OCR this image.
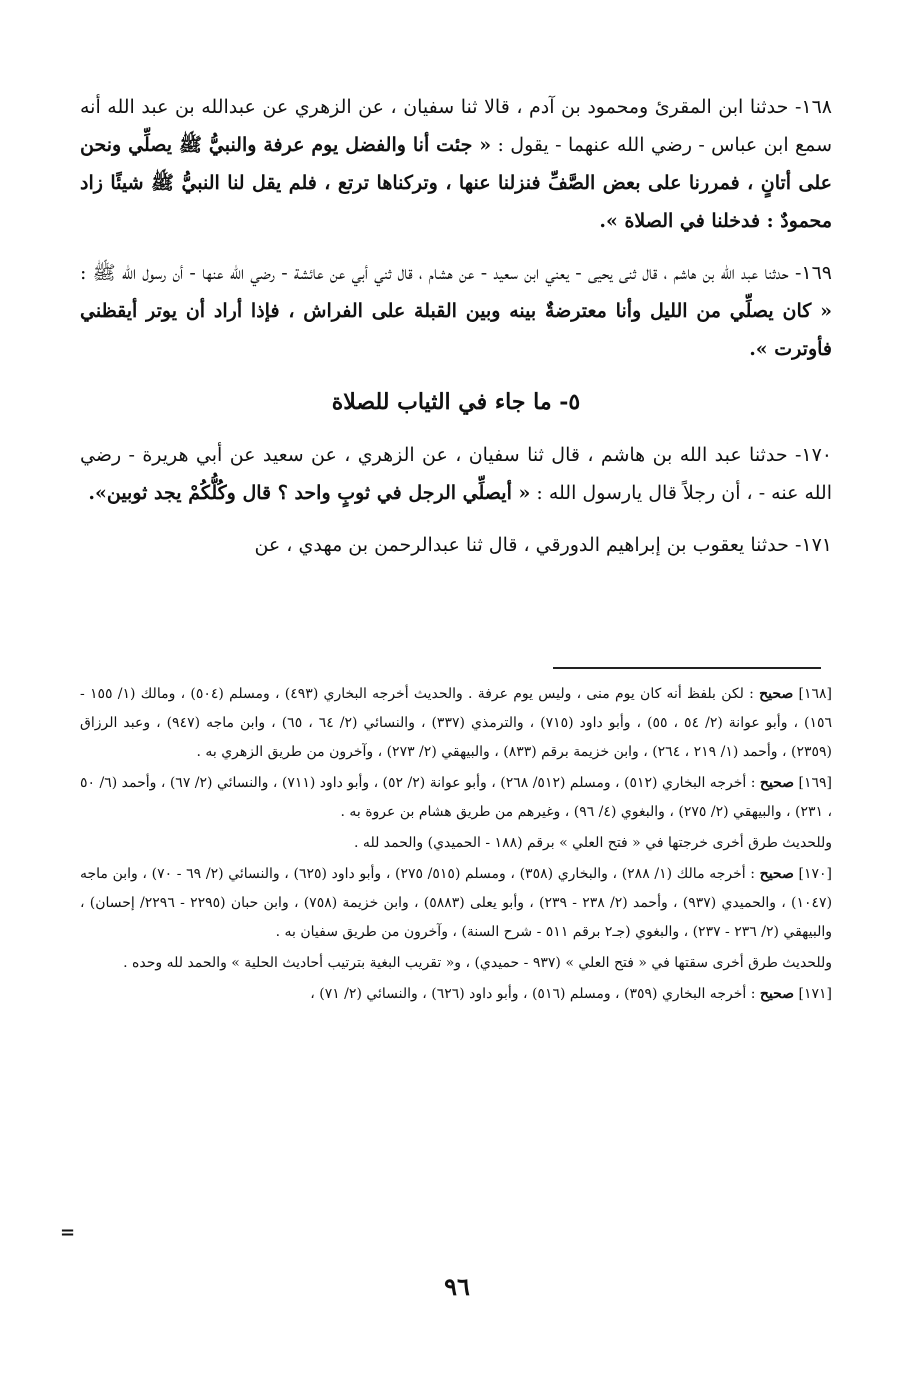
١٦٨- حدثنا ابن المقرئ ومحمود بن آدم ، قالا ثنا سفيان ، عن الزهري عن عبدالله بن عبد الله أنه سمع ابن عباس - رضي الله عنهما - يقول : « جئت أنا والفضل يوم عرفة والنبيُّ ﷺ يصلِّي ونحن على أتانٍ ، فمررنا على بعض الصَّفِّ فنزلنا عنها ، وتركناها ترتع ، فلم يقل لنا النبيُّ ﷺ شيئًا زاد محمودٌ : فدخلنا في الصلاة ».

١٦٩- حدثنا عبد الله بن هاشم ، قال ثنى يحيى - يعني ابن سعيد - عن هشام ، قال ثني أبي عن عائشة - رضي الله عنها - أن رسول الله ﷺ : « كان يصلِّي من الليل وأنا معترضةٌ بينه وبين القبلة على الفراش ، فإذا أراد أن يوتر أيقظني فأوترت ».

٥- ما جاء في الثياب للصلاة

١٧٠- حدثنا عبد الله بن هاشم ، قال ثنا سفيان ، عن الزهري ، عن سعيد عن أبي هريرة - رضي الله عنه - ، أن رجلاً قال يارسول الله : « أيصلِّي الرجل في ثوبٍ واحد ؟ قال وكُلُّكُمْ يجد ثوبين».

١٧١- حدثنا يعقوب بن إبراهيم الدورقي ، قال ثنا عبدالرحمن بن مهدي ، عن

[١٦٨] صحيح : لكن بلفظ أنه كان يوم منى ، وليس يوم عرفة . والحديث أخرجه البخاري (٤٩٣) ، ومسلم (٥٠٤) ، ومالك (١/ ١٥٥ - ١٥٦) ، وأبو عوانة (٢/ ٥٤ ، ٥٥) ، وأبو داود (٧١٥) ، والترمذي (٣٣٧) ، والنسائي (٢/ ٦٤ ، ٦٥) ، وابن ماجه (٩٤٧) ، وعبد الرزاق (٢٣٥٩) ، وأحمد (١/ ٢١٩ ، ٢٦٤) ، وابن خزيمة برقم (٨٣٣) ، والبيهقي (٢/ ٢٧٣) ، وآخرون من طريق الزهري به .

[١٦٩] صحيح : أخرجه البخاري (٥١٢) ، ومسلم (٥١٢/ ٢٦٨) ، وأبو عوانة (٢/ ٥٢) ، وأبو داود (٧١١) ، والنسائي (٢/ ٦٧) ، وأحمد (٦/ ٥٠ ، ٢٣١) ، والبيهقي (٢/ ٢٧٥) ، والبغوي (٤/ ٩٦) ، وغيرهم من طريق هشام بن عروة به .

وللحديث طرق أخرى خرجتها في « فتح العلي » برقم (١٨٨ - الحميدي) والحمد لله .

[١٧٠] صحيح : أخرجه مالك (١/ ٢٨٨) ، والبخاري (٣٥٨) ، ومسلم (٥١٥/ ٢٧٥) ، وأبو داود (٦٢٥) ، والنسائي (٢/ ٦٩ - ٧٠) ، وابن ماجه (١٠٤٧) ، والحميدي (٩٣٧) ، وأحمد (٢/ ٢٣٨ - ٢٣٩) ، وأبو يعلى (٥٨٨٣) ، وابن خزيمة (٧٥٨) ، وابن حبان (٢٢٩٥ - ٢٢٩٦/ إحسان) ، والبيهقي (٢/ ٢٣٦ - ٢٣٧) ، والبغوي (جـ٢ برقم ٥١١ - شرح السنة) ، وآخرون من طريق سفيان به .

وللحديث طرق أخرى سقتها في « فتح العلي » (٩٣٧ - حميدي) ، و« تقريب البغية بترتيب أحاديث الحلية » والحمد لله وحده .

[١٧١] صحيح : أخرجه البخاري (٣٥٩) ، ومسلم (٥١٦) ، وأبو داود (٦٢٦) ، والنسائي (٢/ ٧١) ،

=
٩٦
